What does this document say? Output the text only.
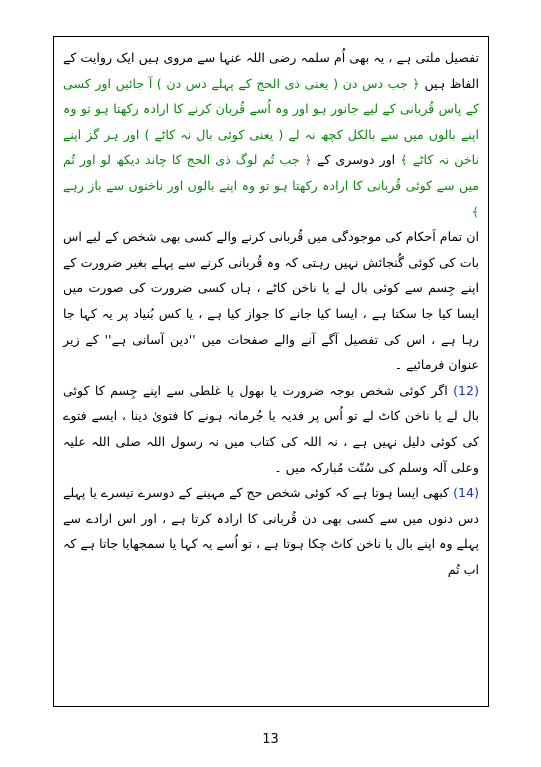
تفصیل ملتی ہے ، یہ بھی اُم سلمہ رضی اللہ عنہا سے مروی ہیں ایک روایت کے الفاظ ہیں ﴿ جب دس دن ( یعنی ذی الحج کے پہلے دس دن ) آ جائیں اور کسی کے پاس قُربانی کے لیے جانور ہو اور وہ اُسے قُربان کرنے کا ارادہ رکھتا ہو تو وہ اپنے بالوں میں سے بالکل کچھ نہ لے ( یعنی کوئی بال نہ کاٹے ) اور ہر گز اپنے ناخن نہ کاٹے ﴾ اور دوسری کے ﴿ جب تُم لوگ ذی الحج کا چاند دیکھ لو اور تُم میں سے کوئی قُربانی کا ارادہ رکھتا ہو تو وہ اپنے بالوں اور ناخنوں سے باز رہے ﴾

ان تمام اَحکام کی موجودگی میں قُربانی کرنے والے کسی بھی شخص کے لیے اس بات کی کوئی گُنجائش نہیں رہتی کہ وہ قُربانی کرنے سے پہلے بغیر ضرورت کے اپنے جِسم سے کوئی بال لے یا ناخن کاٹے ، ہاں کسی ضرورت کی صورت میں ایسا کیا جا سکتا ہے ، ایسا کیا جانے کا جواز کیا ہے ، یا کس بُنیاد پر یہ کہا جا رہا ہے ، اس کی تفصیل آگے آنے والے صفحات میں ''دین آسانی ہے'' کے زیر عنوان فرمائیے ۔

(12) اگر کوئی شخص بوجہ ضرورت یا بھول یا غلطی سے اپنے جِسم کا کوئی بال لے یا ناخن کاٹ لے تو اُس پر فدیہ یا جُرمانہ ہونے کا فتویٰ دینا ، ایسے فتوے کی کوئی دلیل نہیں ہے ، نہ اللہ کی کتاب میں نہ رسول اللہ صلی اللہ علیہ وعلی آلہ وسلم کی سُنّت مُبارکہ میں ۔

(14) کبھی ایسا ہوتا ہے کہ کوئی شخص حج کے مہینے کے دوسرے تیسرے یا پہلے دس دنوں میں سے کسی بھی دن قُربانی کا ارادہ کرتا ہے ، اور اس ارادے سے پہلے وہ اپنے بال یا ناخن کاٹ چکا ہوتا ہے ، تو اُسے یہ کہا یا سمجھایا جاتا ہے کہ اب تُم

13
